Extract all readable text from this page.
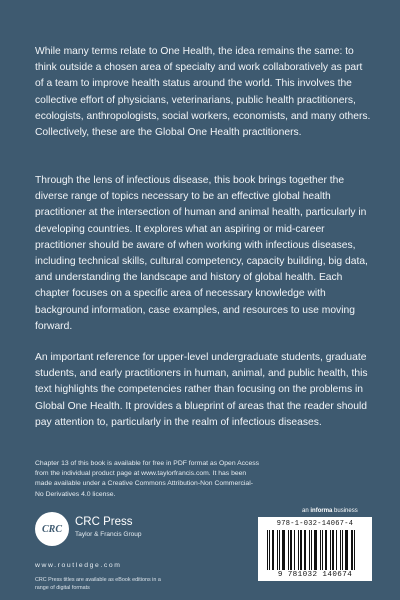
While many terms relate to One Health, the idea remains the same: to think outside a chosen area of specialty and work collaboratively as part of a team to improve health status around the world. This involves the collective effort of physicians, veterinarians, public health practitioners, ecologists, anthropologists, social workers, economists, and many others. Collectively, these are the Global One Health practitioners.

Through the lens of infectious disease, this book brings together the diverse range of topics necessary to be an effective global health practitioner at the intersection of human and animal health, particularly in developing countries. It explores what an aspiring or mid-career practitioner should be aware of when working with infectious diseases, including technical skills, cultural competency, capacity building, big data, and understanding the landscape and history of global health. Each chapter focuses on a specific area of necessary knowledge with background information, case examples, and resources to use moving forward.

An important reference for upper-level undergraduate students, graduate students, and early practitioners in human, animal, and public health, this text highlights the competencies rather than focusing on the problems in Global One Health. It provides a blueprint of areas that the reader should pay attention to, particularly in the realm of infectious diseases.

Chapter 13 of this book is available for free in PDF format as Open Access from the individual product page at www.taylorfrancis.com. It has been made available under a Creative Commons Attribution-Non Commercial-No Derivatives 4.0 license.

CRC
CRC Press
Taylor & Francis Group
www.routledge.com

CRC Press titles are available as eBook editions in a range of digital formats

an informa business
978-1-032-14067-4
9 781032 140674
